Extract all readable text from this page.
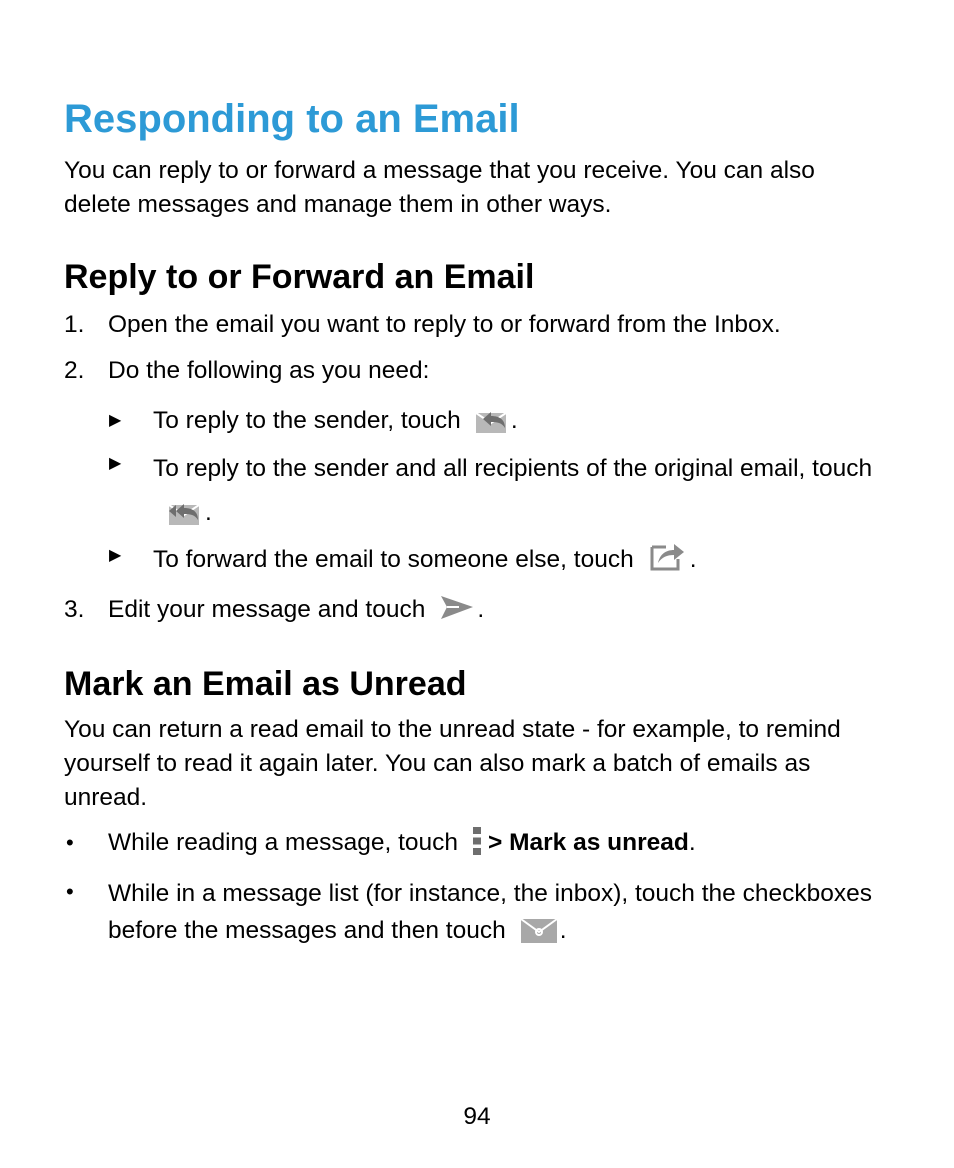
Responding to an Email

You can reply to or forward a message that you receive. You can also delete messages and manage them in other ways.

Reply to or Forward an Email
1. Open the email you want to reply to or forward from the Inbox.
2. Do the following as you need:
▶ To reply to the sender, touch .
▶ To reply to the sender and all recipients of the original email, touch
.
▶ To forward the email to someone else, touch .
3. Edit your message and touch .
Mark an Email as Unread

You can return a read email to the unread state - for example, to remind yourself to read it again later. You can also mark a batch of emails as unread.

• While reading a message, touch > Mark as unread.
• While in a message list (for instance, the inbox), touch the checkboxes before the messages and then touch .
94
